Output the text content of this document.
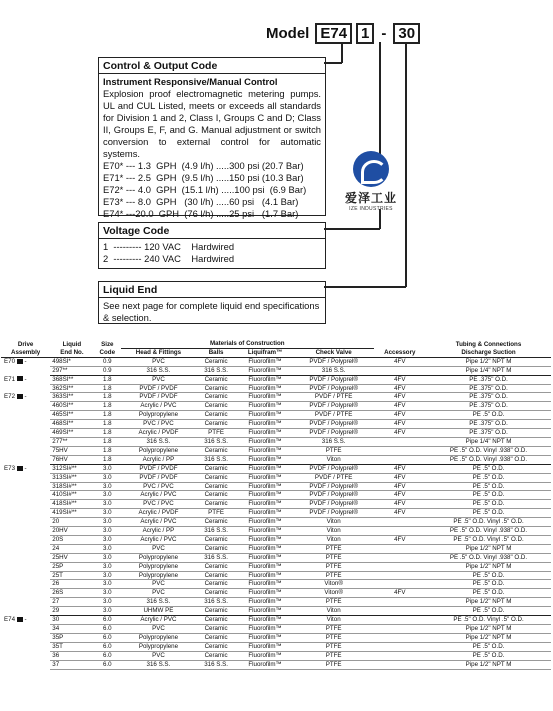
Model E74 1 - 30
Control & Output Code
Instrument Responsive/Manual Control
Explosion proof electromagnetic metering pumps. UL and CUL Listed, meets or exceeds all standards for Division 1 and 2, Class I, Groups C and D; Class II, Groups E, F, and G. Manual adjustment or switch conversion to external control for automatic systems.
E70* --- 1.3  GPH  (4.9 l/h) .....300 psi (20.7 Bar)
E71* --- 2.5  GPH  (9.5 l/h) .....150 psi (10.3 Bar)
E72* --- 4.0  GPH  (15.1 l/h) .....100 psi  (6.9 Bar)
E73* --- 8.0  GPH   (30 l/h) .....60 psi   (4.1 Bar)
E74* ---20.0  GPH  (76 l/h) .....25 psi   (1.7 Bar)
爱泽工业
IZE INDUSTRIES
Voltage Code
1  --------- 120 VAC    Hardwired
2  --------- 240 VAC    Hardwired
Liquid End
See next page for complete liquid end specifications & selection.
Drive	Liquid	Size	Materials of Construction					Tubing & Connections
Assembly	End No.	Code	Head & Fittings	Balls	Liquifram™	Check Valve	Accessory	Discharge Suction
E70  -	498SI*	0.9	PVC	Ceramic	Fluorofilm™	PVDF / Polyprel®	4FV	Pipe 1/2" NPT M
	297**	0.9	316 S.S.	316 S.S.	Fluorofilm™	316 S.S.		Pipe 1/4" NPT M
E71  -	368SI**	1.8	PVC	Ceramic	Fluorofilm™	PVDF / Polyprel®	4FV	PE .375" O.D.
	362SI**	1.8	PVDF / PVDF	Ceramic	Fluorofilm™	PVDF / Polyprel®	4FV	PE .375" O.D.
E72  -	363SI**	1.8	PVDF / PVDF	Ceramic	Fluorofilm™	PVDF / PTFE	4FV	PE .375" O.D.
	460SI**	1.8	Acrylic / PVC	Ceramic	Fluorofilm™	PVDF / Polyprel®	4FV	PE .375" O.D.
	465SI**	1.8	Polypropylene	Ceramic	Fluorofilm™	PVDF / PTFE	4FV	PE .5" O.D.
	468SI**	1.8	PVC / PVC	Ceramic	Fluorofilm™	PVDF / Polyprel®	4FV	PE .375" O.D.
	469SI**	1.8	Acrylic / PVDF	PTFE	Fluorofilm™	PVDF / Polyprel®	4FV	PE .375" O.D.
	277**	1.8	316 S.S.	316 S.S.	Fluorofilm™	316 S.S.		Pipe 1/4" NPT M
	75HV	1.8	Polypropylene	Ceramic	Fluorofilm™	PTFE		PE .5" O.D. Vinyl .938" O.D.
	76HV	1.8	Acrylic / PP	316 S.S.	Fluorofilm™	Viton		PE .5" O.D. Vinyl .938" O.D.
E73  -	312SI#**	3.0	PVDF / PVDF	Ceramic	Fluorofilm™	PVDF / Polyprel®	4FV	PE .5" O.D.
	313SI#**	3.0	PVDF / PVDF	Ceramic	Fluorofilm™	PVDF / PTFE	4FV	PE .5" O.D.
	318SI#**	3.0	PVC / PVC	Ceramic	Fluorofilm™	PVDF / Polyprel®	4FV	PE .5" O.D.
	410SI#**	3.0	Acrylic / PVC	Ceramic	Fluorofilm™	PVDF / Polyprel®	4FV	PE .5" O.D.
	418SI#**	3.0	PVC / PVC	Ceramic	Fluorofilm™	PVDF / Polyprel®	4FV	PE .5" O.D.
	419SI#**	3.0	Acrylic / PVDF	PTFE	Fluorofilm™	PVDF / Polyprel®	4FV	PE .5" O.D.
	20	3.0	Acrylic / PVC	Ceramic	Fluorofilm™	Viton		PE .5" O.D. Vinyl .5" O.D.
	20HV	3.0	Acrylic / PP	316 S.S.	Fluorofilm™	Viton		PE .5" O.D. Vinyl .938" O.D.
	20S	3.0	Acrylic / PVC	Ceramic	Fluorofilm™	Viton	4FV	PE .5" O.D. Vinyl .5" O.D.
	24	3.0	PVC	Ceramic	Fluorofilm™	PTFE		Pipe 1/2" NPT M
	25HV	3.0	Polypropylene	316 S.S.	Fluorofilm™	PTFE		PE .5" O.D. Vinyl .938" O.D.
	25P	3.0	Polypropylene	Ceramic	Fluorofilm™	PTFE		Pipe 1/2" NPT M
	25T	3.0	Polypropylene	Ceramic	Fluorofilm™	PTFE		PE .5" O.D.
	26	3.0	PVC	Ceramic	Fluorofilm™	Viton®		PE .5" O.D.
	26S	3.0	PVC	Ceramic	Fluorofilm™	Viton®	4FV	PE .5" O.D.
	27	3.0	316 S.S.	316 S.S.	Fluorofilm™	PTFE		Pipe 1/2" NPT M
	29	3.0	UHMW PE	Ceramic	Fluorofilm™	Viton		PE .5" O.D.
E74  -	30	6.0	Acrylic / PVC	Ceramic	Fluorofilm™	Viton		PE .5" O.D. Vinyl .5" O.D.
	34	6.0	PVC	Ceramic	Fluorofilm™	PTFE		Pipe 1/2" NPT M
	35P	6.0	Polypropylene	Ceramic	Fluorofilm™	PTFE		Pipe 1/2" NPT M
	35T	6.0	Polypropylene	Ceramic	Fluorofilm™	PTFE		PE .5" O.D.
	36	6.0	PVC	Ceramic	Fluorofilm™	PTFE		PE .5" O.D.
	37	6.0	316 S.S.	316 S.S.	Fluorofilm™	PTFE		Pipe 1/2" NPT M
